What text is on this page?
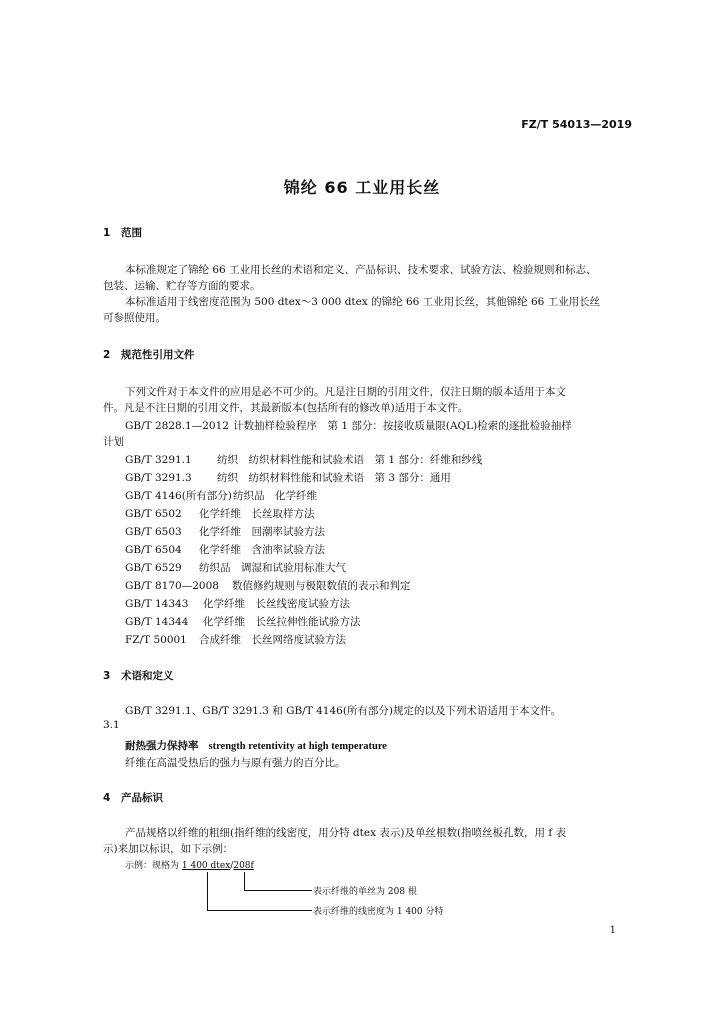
FZ/T 54013—2019
锦纶 66 工业用长丝
1 范围
本标准规定了锦纶 66 工业用长丝的术语和定义、产品标识、技术要求、试验方法、检验规则和标志、
包装、运输、贮存等方面的要求。
本标准适用于线密度范围为 500 dtex～3 000 dtex 的锦纶 66 工业用长丝，其他锦纶 66 工业用长丝
可参照使用。
2 规范性引用文件
下列文件对于本文件的应用是必不可少的。凡是注日期的引用文件，仅注日期的版本适用于本文
件。凡是不注日期的引用文件，其最新版本(包括所有的修改单)适用于本文件。
GB/T 2828.1—2012 计数抽样检验程序　第 1 部分：按接收质量限(AQL)检索的逐批检验抽样
计划
GB/T 3291.1 纺织　纺织材料性能和试验术语　第 1 部分：纤维和纱线
GB/T 3291.3 纺织　纺织材料性能和试验术语　第 3 部分：通用
GB/T 4146(所有部分)纺织品　化学纤维
GB/T 6502 化学纤维　长丝取样方法
GB/T 6503 化学纤维　回潮率试验方法
GB/T 6504 化学纤维　含油率试验方法
GB/T 6529 纺织品　调湿和试验用标准大气
GB/T 8170—2008 数值修约规则与极限数值的表示和判定
GB/T 14343 化学纤维　长丝线密度试验方法
GB/T 14344 化学纤维　长丝拉伸性能试验方法
FZ/T 50001 合成纤维　长丝网络度试验方法
3 术语和定义
GB/T 3291.1、GB/T 3291.3 和 GB/T 4146(所有部分)规定的以及下列术语适用于本文件。
3.1
耐热强力保持率 strength retentivity at high temperature
纤维在高温受热后的强力与原有强力的百分比。
4 产品标识
产品规格以纤维的粗细(指纤维的线密度，用分特 dtex 表示)及单丝根数(指喷丝板孔数，用 f 表
示)来加以标识，如下示例：
示例：规格为 1 400 dtex/208f
表示纤维的单丝为 208 根
表示纤维的线密度为 1 400 分特
1
